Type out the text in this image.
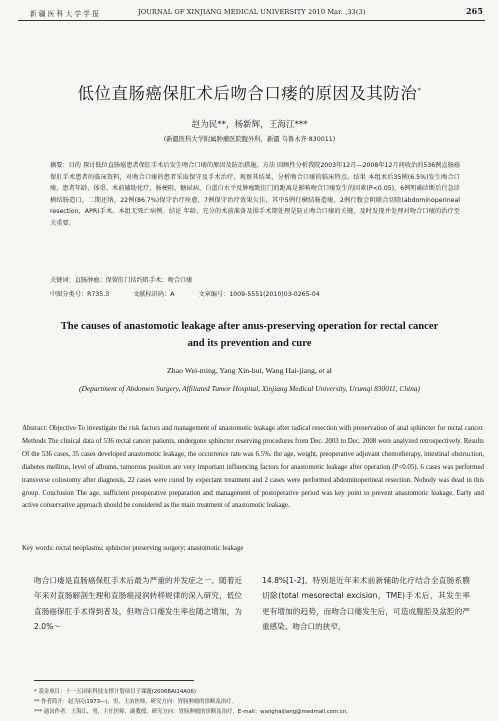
新 疆 医 科 大 学 学 报	JOURNAL OF XINJIANG MEDICAL UNIVERSITY 2010 Mar. ,33(3)	265
低位直肠癌保肛术后吻合口瘘的原因及其防治*
赵为民**，杨新辉，王海江***
(新疆医科大学附属肿瘤医院腹外科，新疆 乌鲁木齐 830011)
摘要：目的 探讨低位直肠癌患者保肛手术后发生吻合口瘘的原因及防治措施。方法 回顾性分析我院2003年12月—2008年12月间收治的536例直肠癌保肛手术患者的临床资料，对吻合口瘘的患者采取保守及手术治疗，观察其结果，分析吻合口瘘的临床特点。结果 本组术后35例(6.5%)发生吻合口瘘，患者年龄、体重、术前辅助化疗、肠梗阻、糖尿病、白蛋白水平及肿瘤距肛门的距离是影响吻合口瘘发生的因素(P<0.05)，6例明确诊断后行急诊横结肠造口，二期还纳，22例(86.7%)保守治疗痊愈，7例保守治疗效果欠佳，其中5例行横结肠造瘘，2例行腹会阴联合切除(abdominoperineal resection，APR)手术。本组无死亡病例。结论 年龄、充分的术前准备及围手术期处理是防止吻合口瘘的关键，及时发现并处理对吻合口瘘的治疗至关重要。
关键词：直肠肿瘤；保留肛门括约肌手术；吻合口瘘
中图分类号：R735.3	文献标识码：A	文章编号：1009-5551(2010)03-0265-04
The causes of anastomotic leakage after anus-preserving operation for rectal cancer and its prevention and cure
Zhao Wei-ming, Yang Xin-hui, Wang Hai-jiang, et al
(Department of Abdomen Surgery, Affiliated Tumor Hospital, Xinjiang Medical University, Urumqi 830011, China)
Abstract: Objective To investigate the risk factors and management of anastomotic leakage after radical resection with preservation of anal sphincter for rectal cancer. Methods The clinical data of 536 rectal cancer patients, undergone sphincter reserving procedures from Dec. 2003 to Dec. 2008 were analyzed retrospectively. Results Of the 536 cases, 35 cases developed anastomotic leakage, the occurrence rate was 6.5%. the age, weight, preoperative adjuvant chemotherapy, intestinal obstruction, diabetes mellitus, level of albumn, tumorous position are very important influencing factors for anastomotic leakage after operation (P<0.05). 6 cases was performed transverse colostomy after diagnosis, 22 cases were cured by expectant treatment and 2 cases were performed abdominoperineal resection. Nobody was dead in this group. Conclusion The age, sufficient preoperative preparation and management of postoperative period was key point to prevent anastomotic leakage. Early and active conservative approach should be considered as the main treatment of anastomotic leakage.
Key words: rectal neoplasms; sphincter preserving surgery; anastomotic leakage
吻合口瘘是直肠癌保肛手术后最为严重的并发症之一。随着近年来对直肠解剖生理和直肠癌浸润转移规律的深入研究，低位直肠癌保肛手术得到普及，但吻合口瘘发生率也随之增加，为2.0%～
14.8%[1-2]。特别是近年来术前新辅助化疗结合全直肠系膜切除(total mesorectal excision，TME)手术后，其发生率更有增加的趋势，而吻合口瘘发生后，可造成腹腔及盆腔的严重感染、吻合口的狭窄，
* 基金项目：十一五国家科技支撑计划项目子课题(2006BAI24A06)
** 作者简介：赵为民(1973—)，男，主治医师，研究方向：胃肠肿瘤的诊断及治疗。
*** 通讯作者：王海江，男，主任医师，副教授，研究方向：胃肠肿瘤的诊断及治疗，E-mail：wanghaijiang@medmail.com.cn。
